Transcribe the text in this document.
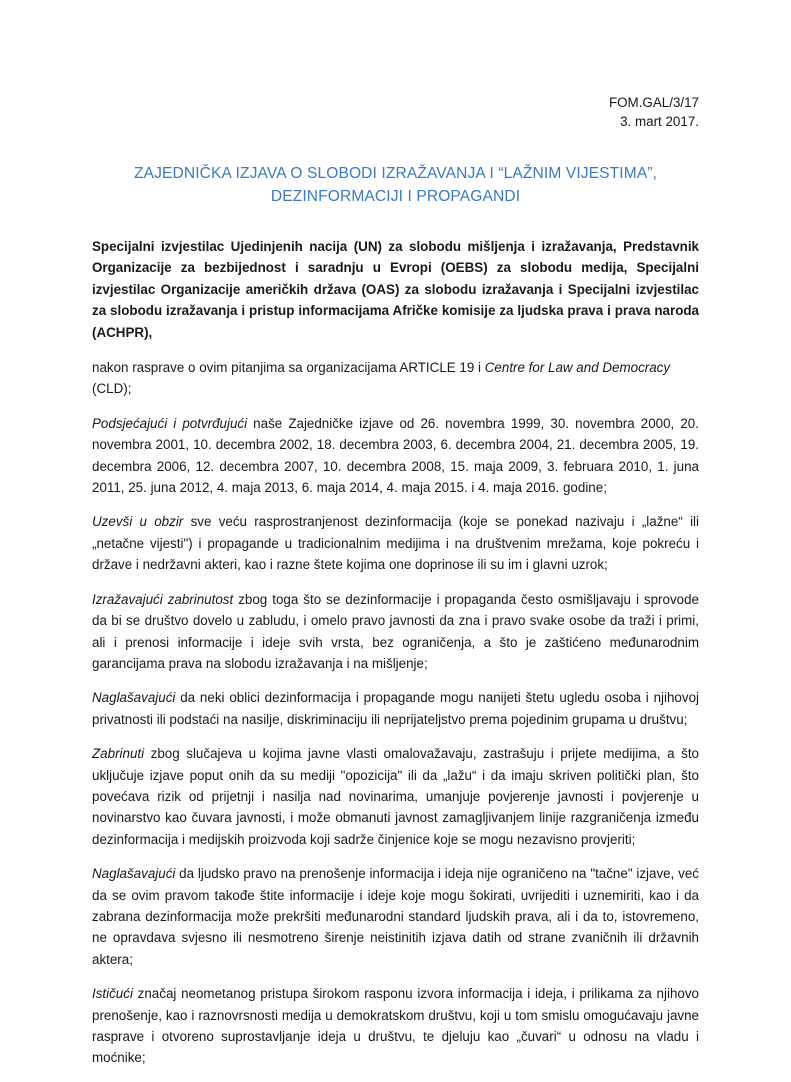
FOM.GAL/3/17
3. mart 2017.
ZAJEDNIČKA IZJAVA O SLOBODI IZRAŽAVANJA I “LAŽNIM VIJESTIMA”,
DEZINFORMACIJI I PROPAGANDI

Specijalni izvjestilac Ujedinjenih nacija (UN) za slobodu mišljenja i izražavanja, Predstavnik Organizacije za bezbijednost i saradnju u Evropi (OEBS) za slobodu medija, Specijalni izvjestilac Organizacije američkih država (OAS) za slobodu izražavanja i Specijalni izvjestilac za slobodu izražavanja i pristup informacijama Afričke komisije za ljudska prava i prava naroda (ACHPR),

nakon rasprave o ovim pitanjima sa organizacijama ARTICLE 19 i Centre for Law and Democracy (CLD);

Podsjećajući i potvrđujući naše Zajedničke izjave od 26. novembra 1999, 30. novembra 2000, 20. novembra 2001, 10. decembra 2002, 18. decembra 2003, 6. decembra 2004, 21. decembra 2005, 19. decembra 2006, 12. decembra 2007, 10. decembra 2008, 15. maja 2009, 3. februara 2010, 1. juna 2011, 25. juna 2012, 4. maja 2013, 6. maja 2014, 4. maja 2015. i 4. maja 2016. godine;

Uzevši u obzir sve veću rasprostranjenost dezinformacija (koje se ponekad nazivaju i „lažne“ ili „netačne vijesti") i propagande u tradicionalnim medijima i na društvenim mrežama, koje pokreću i države i nedržavni akteri, kao i razne štete kojima one doprinose ili su im i glavni uzrok;

Izražavajući zabrinutost zbog toga što se dezinformacije i propaganda često osmišljavaju i sprovode da bi se društvo dovelo u zabludu, i omelo pravo javnosti da zna i pravo svake osobe da traži i primi, ali i prenosi informacije i ideje svih vrsta, bez ograničenja, a što je zaštićeno međunarodnim garancijama prava na slobodu izražavanja i na mišljenje;

Naglašavajući da neki oblici dezinformacija i propagande mogu nanijeti štetu ugledu osoba i njihovoj privatnosti ili podstaći na nasilje, diskriminaciju ili neprijateljstvo prema pojedinim grupama u društvu;

Zabrinuti zbog slučajeva u kojima javne vlasti omalovažavaju, zastrašuju i prijete medijima, a što uključuje izjave poput onih da su mediji "opozicija" ili da „lažu“ i da imaju skriven politički plan, što povećava rizik od prijetnji i nasilja nad novinarima, umanjuje povjerenje javnosti i povjerenje u novinarstvo kao čuvara javnosti, i može obmanuti javnost zamagljivanjem linije razgraničenja između dezinformacija i medijskih proizvoda koji sadrže činjenice koje se mogu nezavisno provjeriti;

Naglašavajući da ljudsko pravo na prenošenje informacija i ideja nije ograničeno na "tačne" izjave, već da se ovim pravom takođe štite informacije i ideje koje mogu šokirati, uvrijediti i uznemiriti, kao i da zabrana dezinformacija može prekršiti međunarodni standard ljudskih prava, ali i da to, istovremeno, ne opravdava svjesno ili nesmotreno širenje neistinitih izjava datih od strane zvaničnih ili državnih aktera;

Ističući značaj neometanog pristupa širokom rasponu izvora informacija i ideja, i prilikama za njihovo prenošenje, kao i raznovrsnosti medija u demokratskom društvu, koji u tom smislu omogućavaju javne rasprave i otvoreno suprostavljanje ideja u društvu, te djeluju kao „čuvari“ u odnosu na vladu i moćnike;
